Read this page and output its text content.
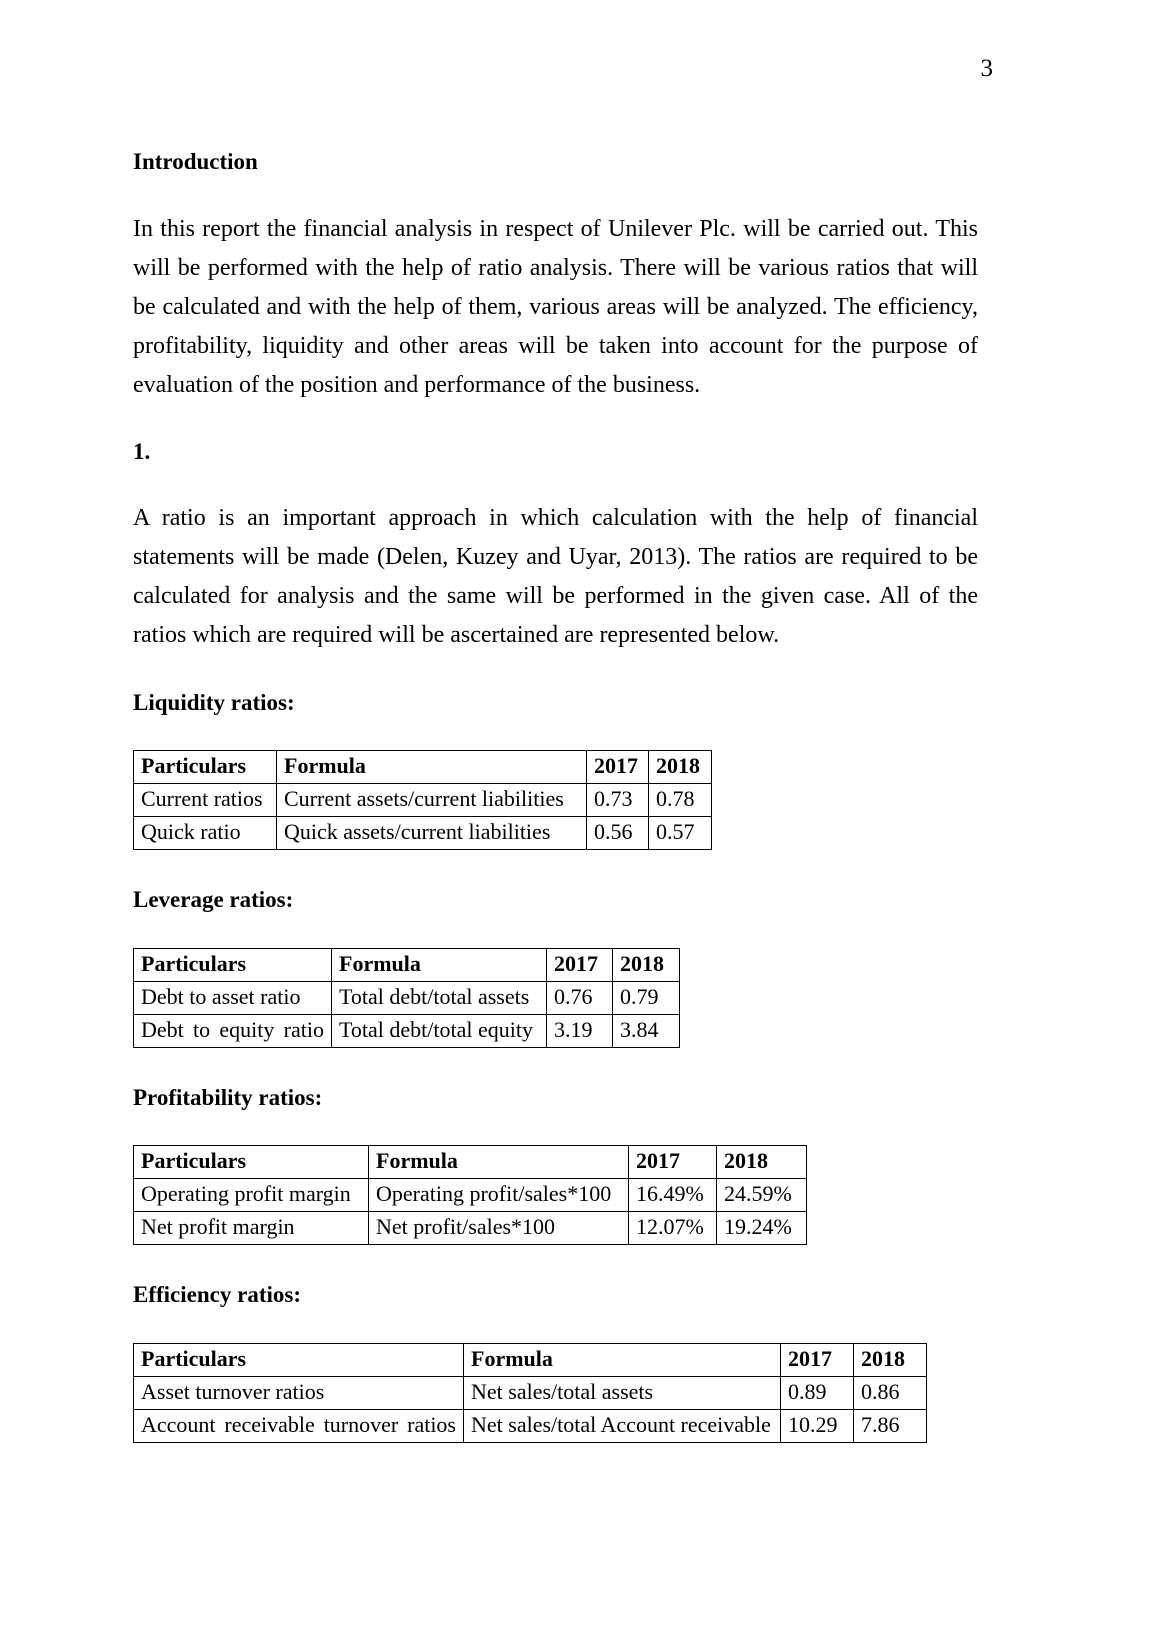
3
Introduction

In this report the financial analysis in respect of Unilever Plc. will be carried out. This will be performed with the help of ratio analysis. There will be various ratios that will be calculated and with the help of them, various areas will be analyzed. The efficiency, profitability, liquidity and other areas will be taken into account for the purpose of evaluation of the position and performance of the business.

1.

A ratio is an important approach in which calculation with the help of financial statements will be made (Delen, Kuzey and Uyar, 2013). The ratios are required to be calculated for analysis and the same will be performed in the given case. All of the ratios which are required will be ascertained are represented below.

Liquidity ratios:
Particulars	Formula	2017	2018
Current ratios	Current assets/current liabilities	0.73	0.78
Quick ratio	Quick assets/current liabilities	0.56	0.57
Leverage ratios:
Particulars	Formula	2017	2018
Debt to asset ratio	Total debt/total assets	0.76	0.79
Debt to equity ratio	Total debt/total equity	3.19	3.84
Profitability ratios:
Particulars	Formula	2017	2018
Operating profit margin	Operating profit/sales*100	16.49%	24.59%
Net profit margin	Net profit/sales*100	12.07%	19.24%
Efficiency ratios:
Particulars	Formula	2017	2018
Asset turnover ratios	Net sales/total assets	0.89	0.86
Account receivable turnover ratios	Net sales/total Account receivable	10.29	7.86
